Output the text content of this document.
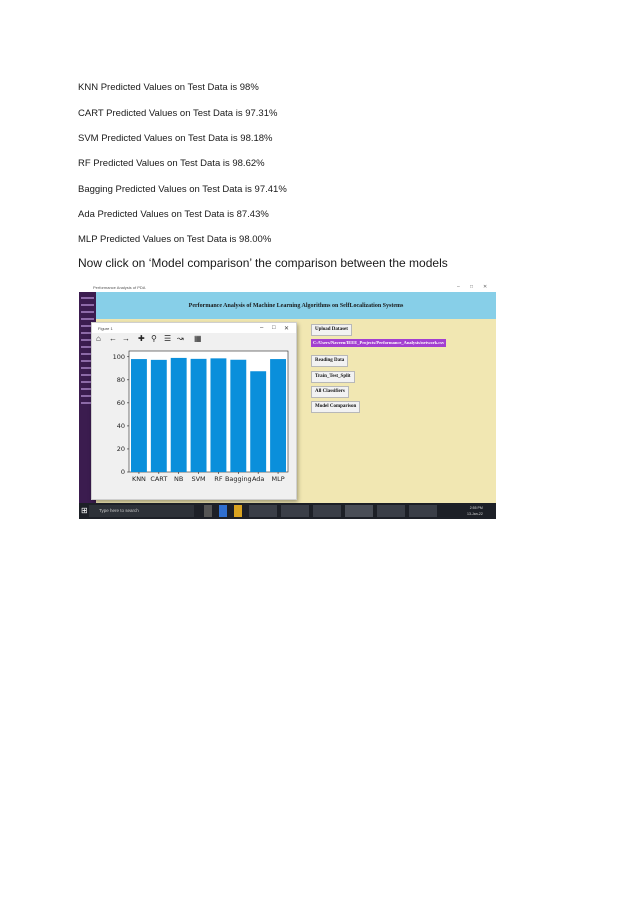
KNN Predicted Values on Test Data is 98%
CART Predicted Values on Test Data is 97.31%
SVM Predicted Values on Test Data is 98.18%
RF Predicted Values on Test Data is 98.62%
Bagging Predicted Values on Test Data is 97.41%
Ada Predicted Values on Test Data is 87.43%
MLP Predicted Values on Test Data is 98.00%
Now click on ‘Model comparison’ the comparison between the models
Performance Analysis of PDA	– □ ✕
Performance Analysis of Machine Learning Algorithms on SelfLocalization Systems
Upload Dataset
C:/Users/Naveen/IEEE_Projects/Performance_Analysis/network.csv
Reading Data
Train_Test_Split
All Classifiers
Model Comparison
Figure 1	– □ ✕
⌂ ← → ✚ ⚲ ☰ ↝ ▦
0
20
40
60
80
100
KNN CART NB SVM RF Bagging Ada MLP
⊞	Type here to search	2:55 PM
13-Jan-22
